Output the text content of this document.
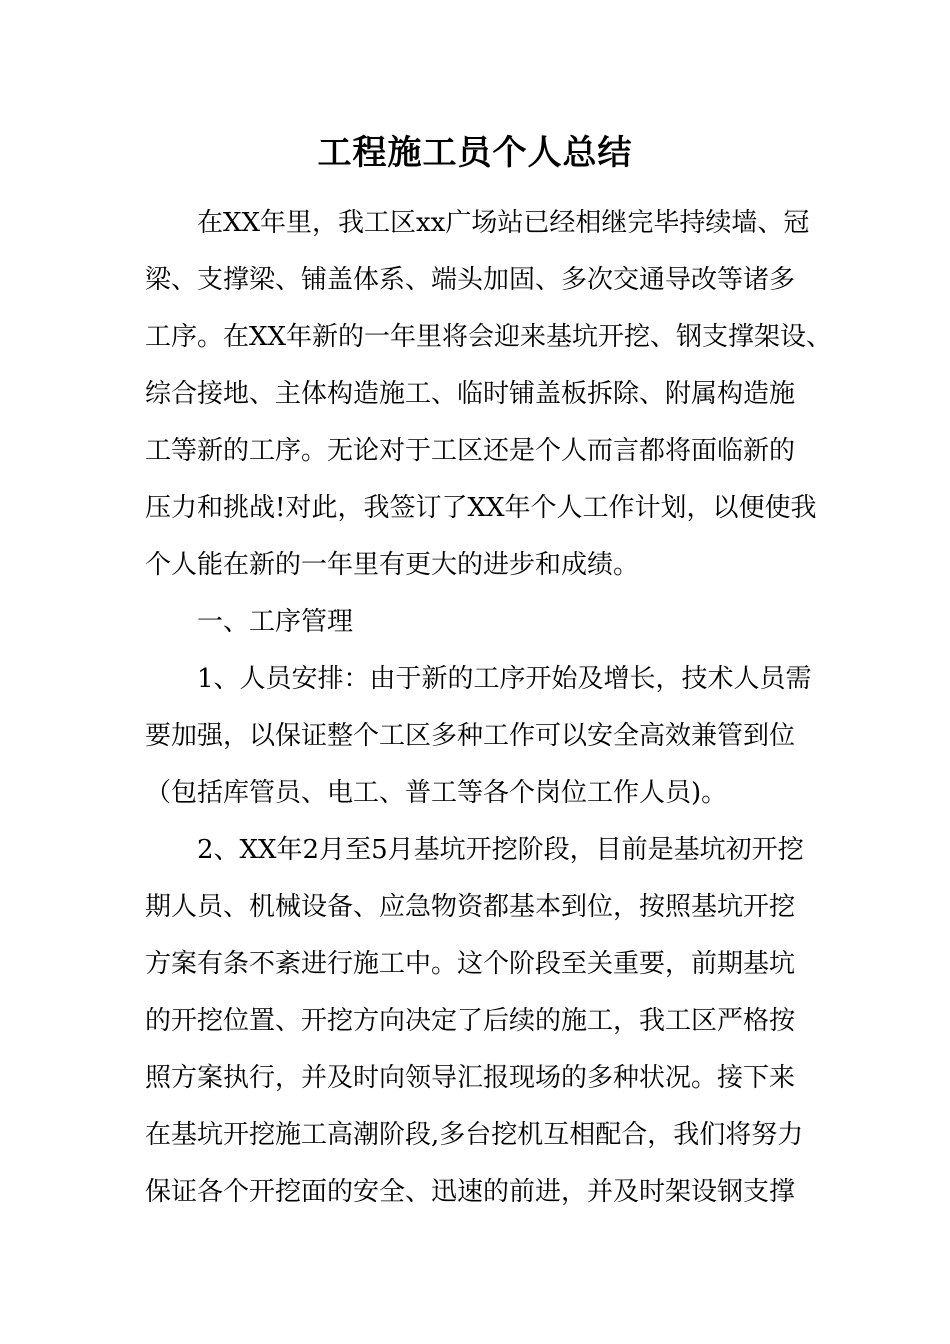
工程施工员个人总结
在XX年里，我工区xx广场站已经相继完毕持续墙、冠
梁、支撑梁、铺盖体系、端头加固、多次交通导改等诸多
工序。在XX年新的一年里将会迎来基坑开挖、钢支撑架设、
综合接地、主体构造施工、临时铺盖板拆除、附属构造施
工等新的工序。无论对于工区还是个人而言都将面临新的
压力和挑战!对此，我签订了XX年个人工作计划，以便使我
个人能在新的一年里有更大的进步和成绩。
一、工序管理
1、人员安排：由于新的工序开始及增长，技术人员需
要加强，以保证整个工区多种工作可以安全高效兼管到位
（包括库管员、电工、普工等各个岗位工作人员)。
2、XX年2月至5月基坑开挖阶段，目前是基坑初开挖
期人员、机械设备、应急物资都基本到位，按照基坑开挖
方案有条不紊进行施工中。这个阶段至关重要，前期基坑
的开挖位置、开挖方向决定了后续的施工，我工区严格按
照方案执行，并及时向领导汇报现场的多种状况。接下来
在基坑开挖施工高潮阶段,多台挖机互相配合，我们将努力
保证各个开挖面的安全、迅速的前进，并及时架设钢支撑
